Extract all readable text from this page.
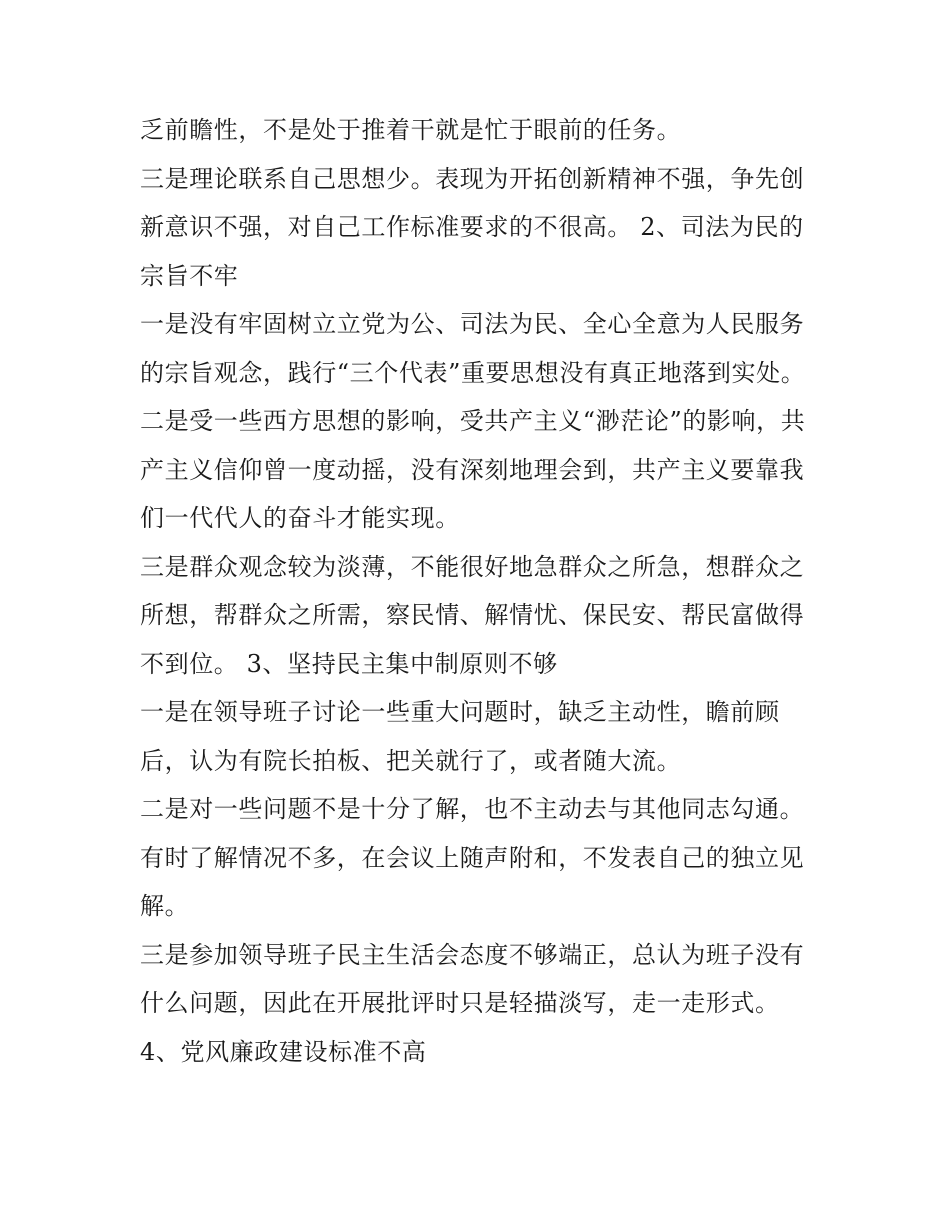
乏前瞻性，不是处于推着干就是忙于眼前的任务。

三是理论联系自己思想少。表现为开拓创新精神不强，争先创

新意识不强，对自己工作标准要求的不很高。 2、司法为民的

宗旨不牢

一是没有牢固树立立党为公、司法为民、全心全意为人民服务

的宗旨观念，践行“三个代表”重要思想没有真正地落到实处。

二是受一些西方思想的影响，受共产主义“渺茫论”的影响，共

产主义信仰曾一度动摇，没有深刻地理会到，共产主义要靠我

们一代代人的奋斗才能实现。

三是群众观念较为淡薄，不能很好地急群众之所急，想群众之

所想，帮群众之所需，察民情、解情忧、保民安、帮民富做得

不到位。 3、坚持民主集中制原则不够

一是在领导班子讨论一些重大问题时，缺乏主动性，瞻前顾

后，认为有院长拍板、把关就行了，或者随大流。

二是对一些问题不是十分了解，也不主动去与其他同志勾通。

有时了解情况不多，在会议上随声附和，不发表自己的独立见

解。

三是参加领导班子民主生活会态度不够端正，总认为班子没有

什么问题，因此在开展批评时只是轻描淡写，走一走形式。

4、党风廉政建设标准不高
